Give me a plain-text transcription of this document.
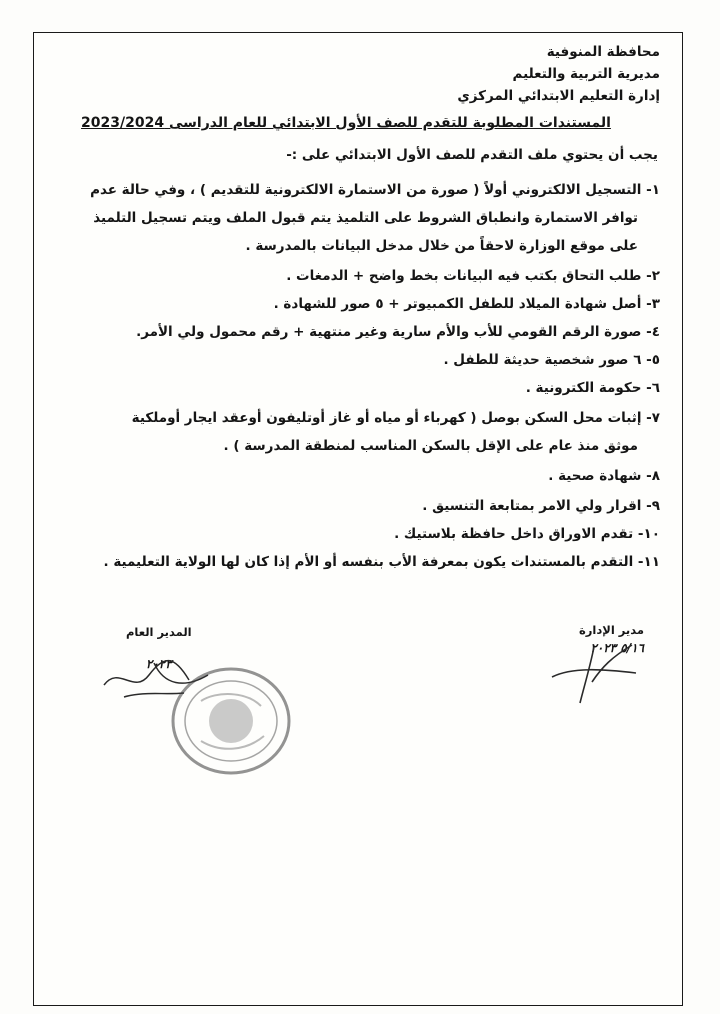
محافظة المنوفية
مديرية التربية والتعليم
إدارة التعليم الابتدائي المركزي
المستندات المطلوبة للتقدم للصف الأول الابتدائي للعام الدراسى 2023/2024
يجب أن يحتوي ملف التقدم للصف الأول الابتدائي على :-
١- التسجيل الالكتروني أولاً ( صورة من الاستمارة الالكترونية للتقديم ) ، وفي حالة عدم
توافر الاستمارة وانطباق الشروط على التلميذ يتم قبول الملف ويتم تسجيل التلميذ
على موقع الوزارة لاحقاً من خلال مدخل البيانات بالمدرسة .
٢- طلب التحاق بكتب فيه البيانات بخط واضح + الدمغات .
٣- أصل شهادة الميلاد للطفل الكمبيوتر + ٥ صور للشهادة .
٤- صورة الرقم القومي للأب والأم سارية وغير منتهية + رقم محمول ولي الأمر.
٥- ٦ صور شخصية حديثة للطفل .
٦- حكومة الكترونية .
٧- إثبات محل السكن بوصل ( كهرباء أو مياه أو غاز أوتليفون أوعقد ايجار أوملكية
موثق منذ عام على الإقل بالسكن المناسب لمنطقة المدرسة ) .
٨- شهادة صحية .
٩- اقرار ولي الامر بمتابعة التنسيق .
١٠- تقدم الاوراق داخل حافظة بلاستيك .
١١- التقدم بالمستندات يكون بمعرفة الأب بنفسه أو الأم إذا كان لها الولاية التعليمية .
مدير الإدارة
٥/١٦ ٢٠٢٣
المدير العام
٢٠٢٣
